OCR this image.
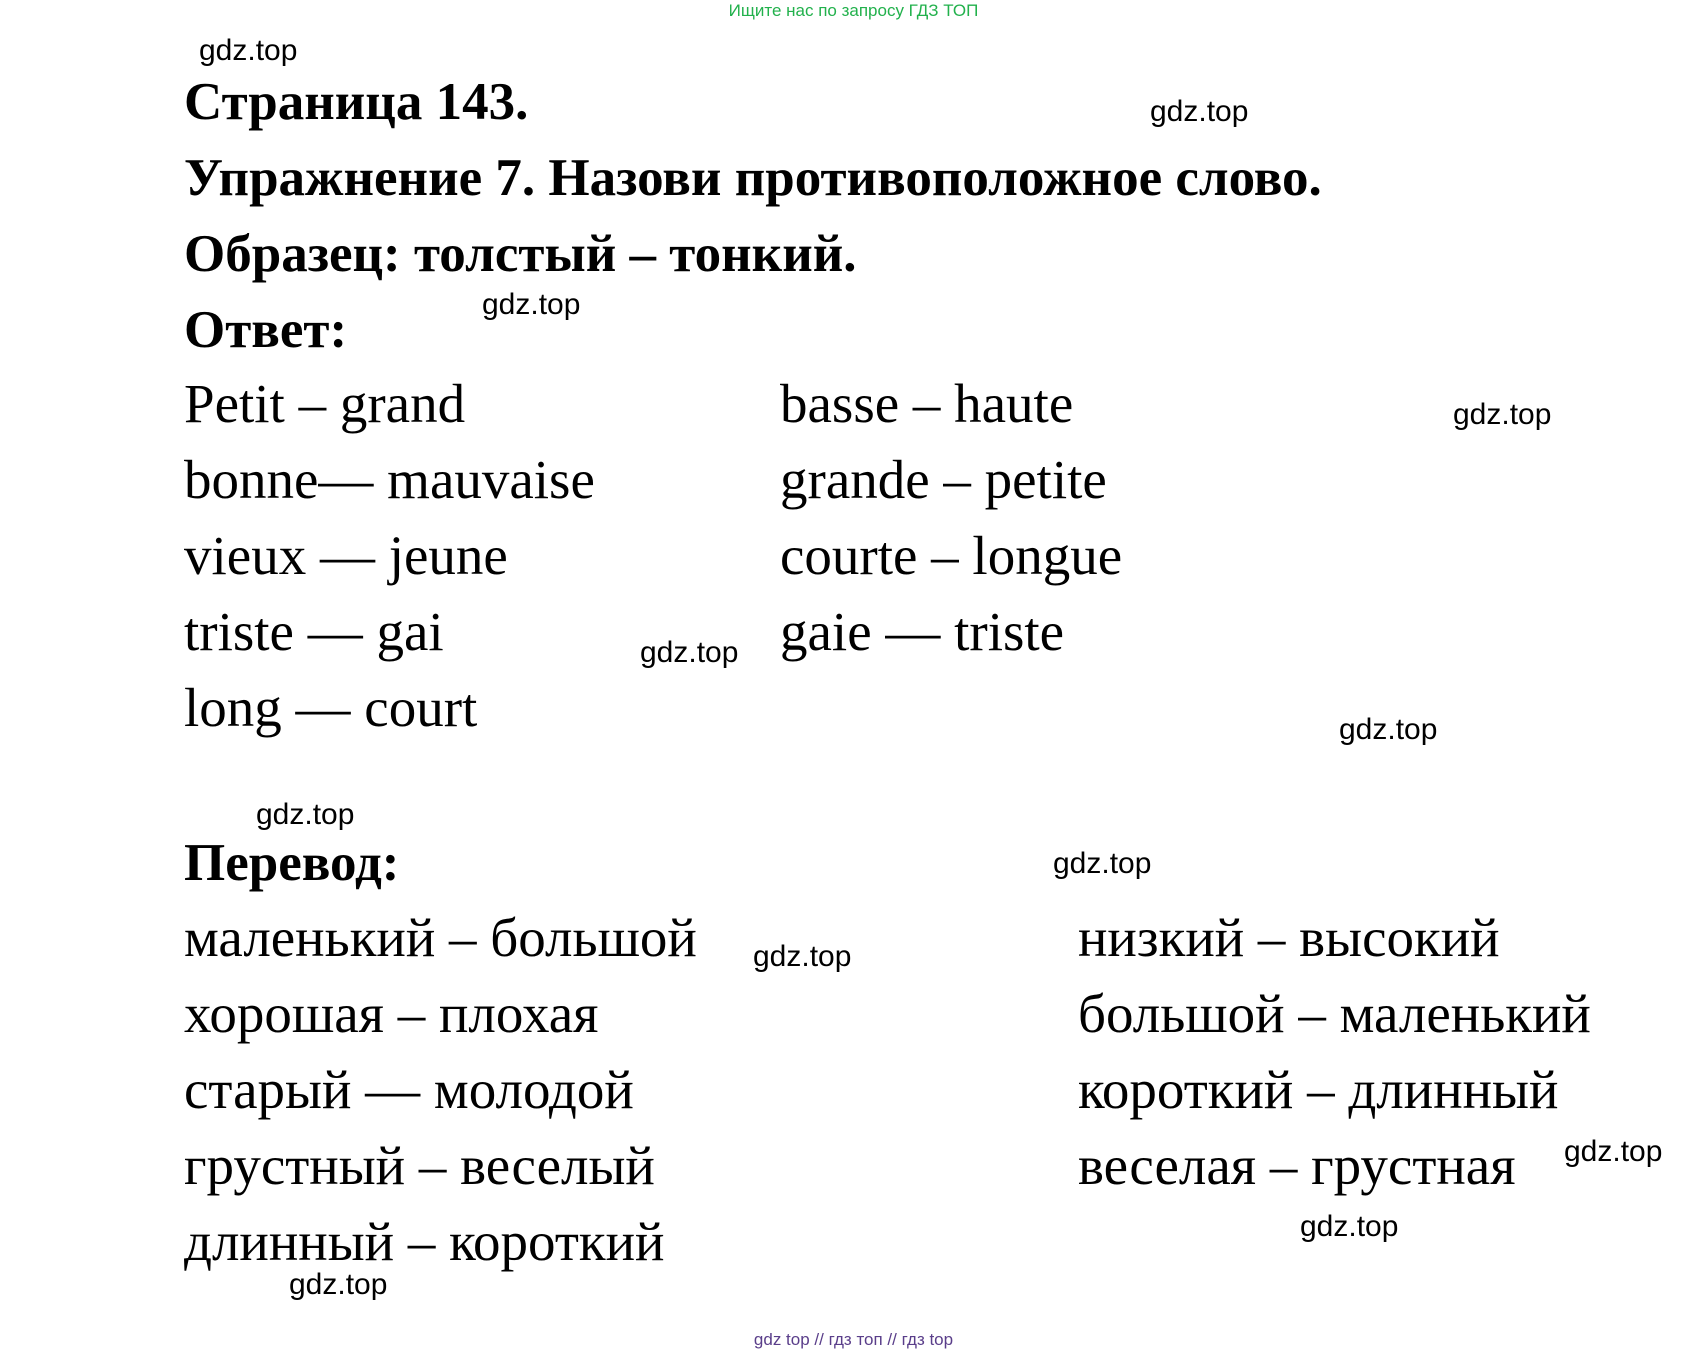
Ищите нас по запросу ГДЗ ТОП
Страница 143.
Упражнение 7. Назови противоположное слово.
Образец: толстый – тонкий.
Ответ:
Petit – grand
bonne— mauvaise
vieux — jeune
triste — gai
long — court
basse – haute
grande – petite
courte – longue
gaie — triste
Перевод:
маленький – большой
хорошая – плохая
старый — молодой
грустный – веселый
длинный – короткий
низкий – высокий
большой – маленький
короткий – длинный
веселая – грустная
gdz.top
gdz.top
gdz.top
gdz.top
gdz.top
gdz.top
gdz.top
gdz.top
gdz.top
gdz.top
gdz.top
gdz.top
gdz top // гдз топ // гдз top
